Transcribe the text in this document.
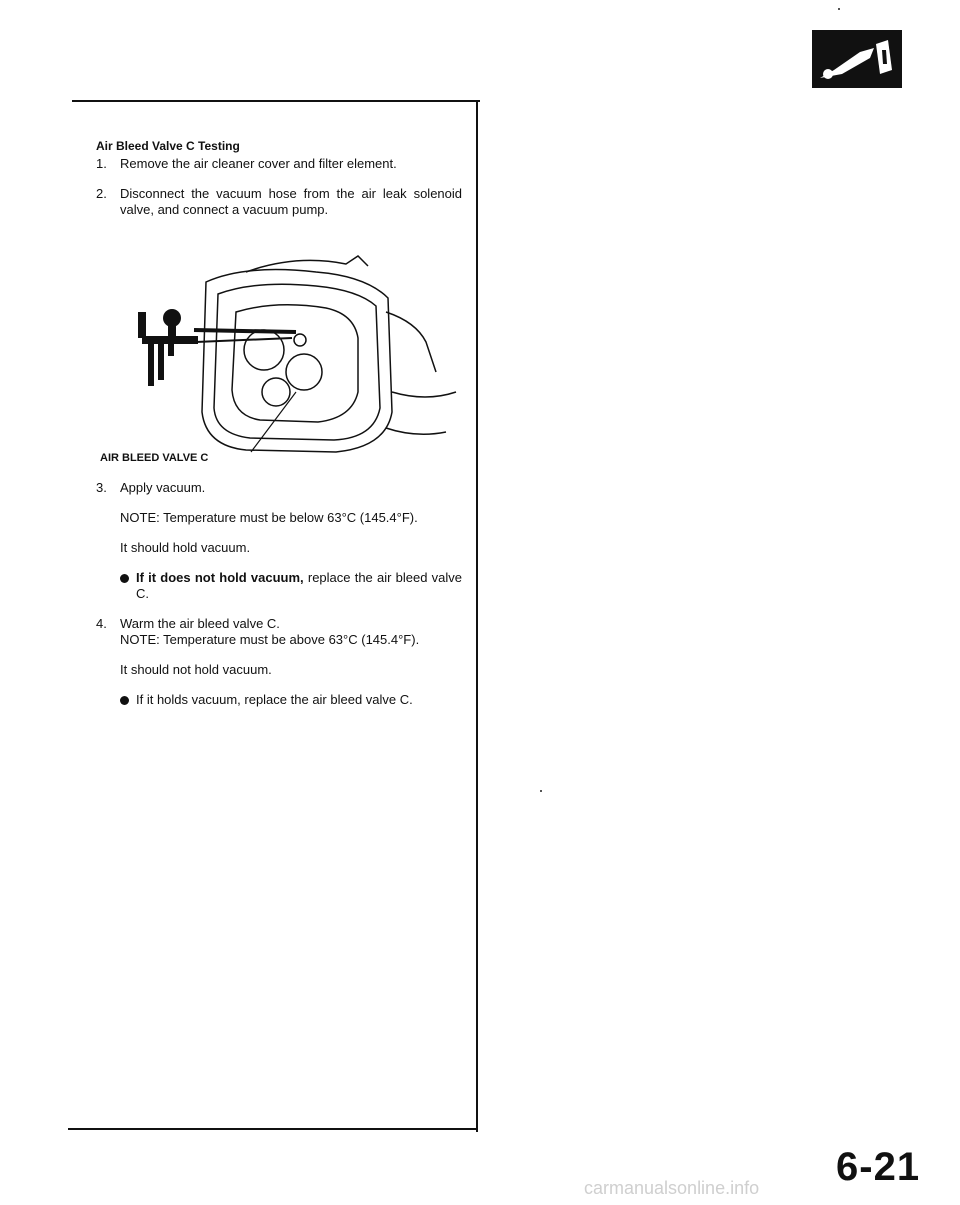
Air Bleed Valve C Testing
1.	Remove the air cleaner cover and filter element.
2.	Disconnect the vacuum hose from the air leak solenoid valve, and connect a vacuum pump.
3.	Apply vacuum.
NOTE: Temperature must be below 63°C (145.4°F).
It should hold vacuum.
If it does not hold vacuum, replace the air bleed valve C.
4.	Warm the air bleed valve C.
NOTE: Temperature must be above 63°C (145.4°F).
It should not hold vacuum.
If it holds vacuum, replace the air bleed valve C.
AIR BLEED VALVE C
6-21
carmanualsonline.info
